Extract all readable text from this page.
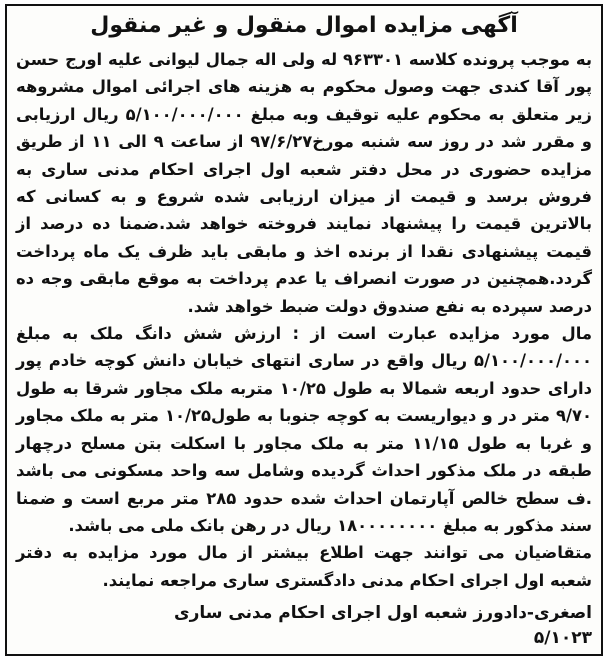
آگهی مزایده اموال منقول و غیر منقول

به موجب پرونده کلاسه ۹۶۳۳۰۱ له ولی اله جمال لیوانی علیه اورج حسن پور آقا کندی جهت وصول محکوم به هزینه های اجرائی اموال مشروهه زیر متعلق به محکوم علیه توقیف وبه مبلغ ۵/۱۰۰/۰۰۰/۰۰۰ ریال ارزیابی و مقرر شد در روز سه شنبه مورخ۹۷/۶/۲۷ از ساعت ۹ الی ۱۱ از طریق مزایده حضوری در محل دفتر شعبه اول اجرای احکام مدنی ساری به فروش برسد و قیمت از میزان ارزیابی شده شروع و به کسانی که بالاترین قیمت را پیشنهاد نمایند فروخته خواهد شد.ضمنا ده درصد از قیمت پیشنهادی نقدا از برنده اخذ و مابقی باید ظرف یک ماه پرداخت گردد.همچنین در صورت انصراف یا عدم پرداخت به موقع مابقی وجه ده درصد سپرده به نفع صندوق دولت ضبط خواهد شد.

مال مورد مزایده عبارت است از : ارزش شش دانگ ملک به مبلغ ۵/۱۰۰/۰۰۰/۰۰۰ ریال واقع در ساری انتهای خیابان دانش کوچه خادم پور دارای حدود اربعه شمالا به طول ۱۰/۲۵ متربه ملک مجاور شرقا به طول ۹/۷۰ متر در و دیواریست به کوچه جنوبا به طول۱۰/۲۵ متر به ملک مجاور و غربا به طول ۱۱/۱۵ متر به ملک مجاور با اسکلت بتن مسلح درچهار طبقه در ملک مذکور احداث گردیده وشامل سه واحد مسکونی می باشد .ف سطح خالص آپارتمان احداث شده حدود ۲۸۵ متر مربع است و ضمنا سند مذکور به مبلغ ۱۸۰۰۰۰۰۰۰۰ ریال در رهن بانک ملی می باشد.

متقاضیان می توانند جهت اطلاع بیشتر از مال مورد مزایده به دفتر شعبه اول اجرای احکام مدنی دادگستری ساری مراجعه نمایند.

اصغری-دادورز شعبه اول اجرای احکام مدنی ساری
۵/۱۰۲۳
